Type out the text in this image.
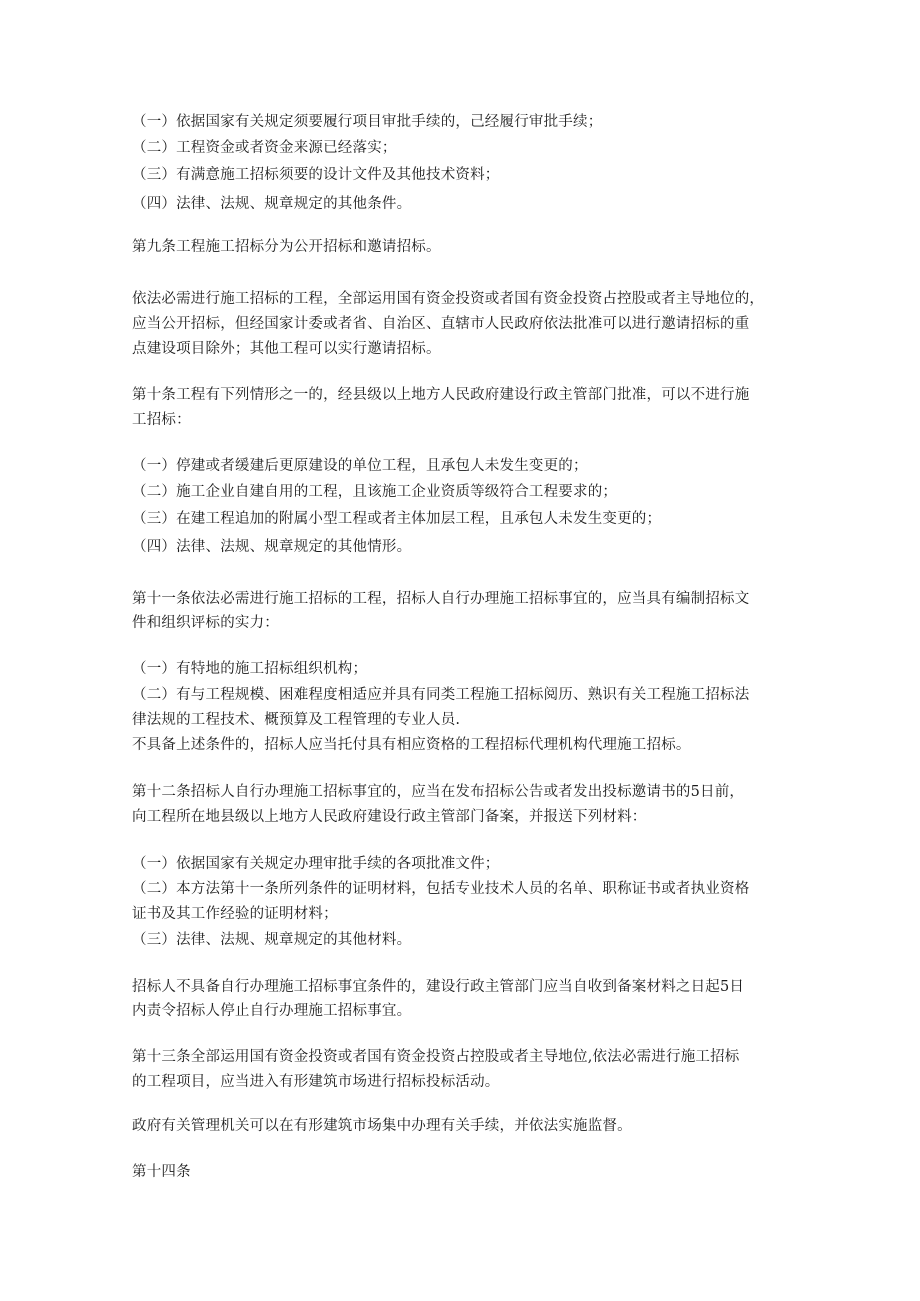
（一）依据国家有关规定须要履行项目审批手续的，己经履行审批手续；
（二）工程资金或者资金来源已经落实；
（三）有满意施工招标须要的设计文件及其他技术资料；
（四）法律、法规、规章规定的其他条件。
第九条工程施工招标分为公开招标和邀请招标。
依法必需进行施工招标的工程，全部运用国有资金投资或者国有资金投资占控股或者主导地位的，
应当公开招标，但经国家计委或者省、自治区、直辖市人民政府依法批准可以进行邀请招标的重
点建设项目除外；其他工程可以实行邀请招标。
第十条工程有下列情形之一的，经县级以上地方人民政府建设行政主管部门批准，可以不进行施
工招标：
（一）停建或者缓建后更原建设的单位工程，且承包人未发生变更的；
（二）施工企业自建自用的工程，且该施工企业资质等级符合工程要求的；
（三）在建工程追加的附属小型工程或者主体加层工程，且承包人未发生变更的；
（四）法律、法规、规章规定的其他情形。
第十一条依法必需进行施工招标的工程，招标人自行办理施工招标事宜的，应当具有编制招标文
件和组织评标的实力：
（一）有特地的施工招标组织机构；
（二）有与工程规模、困难程度相适应并具有同类工程施工招标阅历、熟识有关工程施工招标法
律法规的工程技术、概预算及工程管理的专业人员.
不具备上述条件的，招标人应当托付具有相应资格的工程招标代理机构代理施工招标。
第十二条招标人自行办理施工招标事宜的，应当在发布招标公告或者发出投标邀请书的5日前，
向工程所在地县级以上地方人民政府建设行政主管部门备案，并报送下列材料：
（一）依据国家有关规定办理审批手续的各项批准文件；
（二）本方法第十一条所列条件的证明材料，包括专业技术人员的名单、职称证书或者执业资格
证书及其工作经验的证明材料；
（三）法律、法规、规章规定的其他材料。
招标人不具备自行办理施工招标事宜条件的，建设行政主管部门应当自收到备案材料之日起5日
内责令招标人停止自行办理施工招标事宜。
第十三条全部运用国有资金投资或者国有资金投资占控股或者主导地位,依法必需进行施工招标
的工程项目，应当进入有形建筑市场进行招标投标活动。
政府有关管理机关可以在有形建筑市场集中办理有关手续，并依法实施监督。
第十四条
